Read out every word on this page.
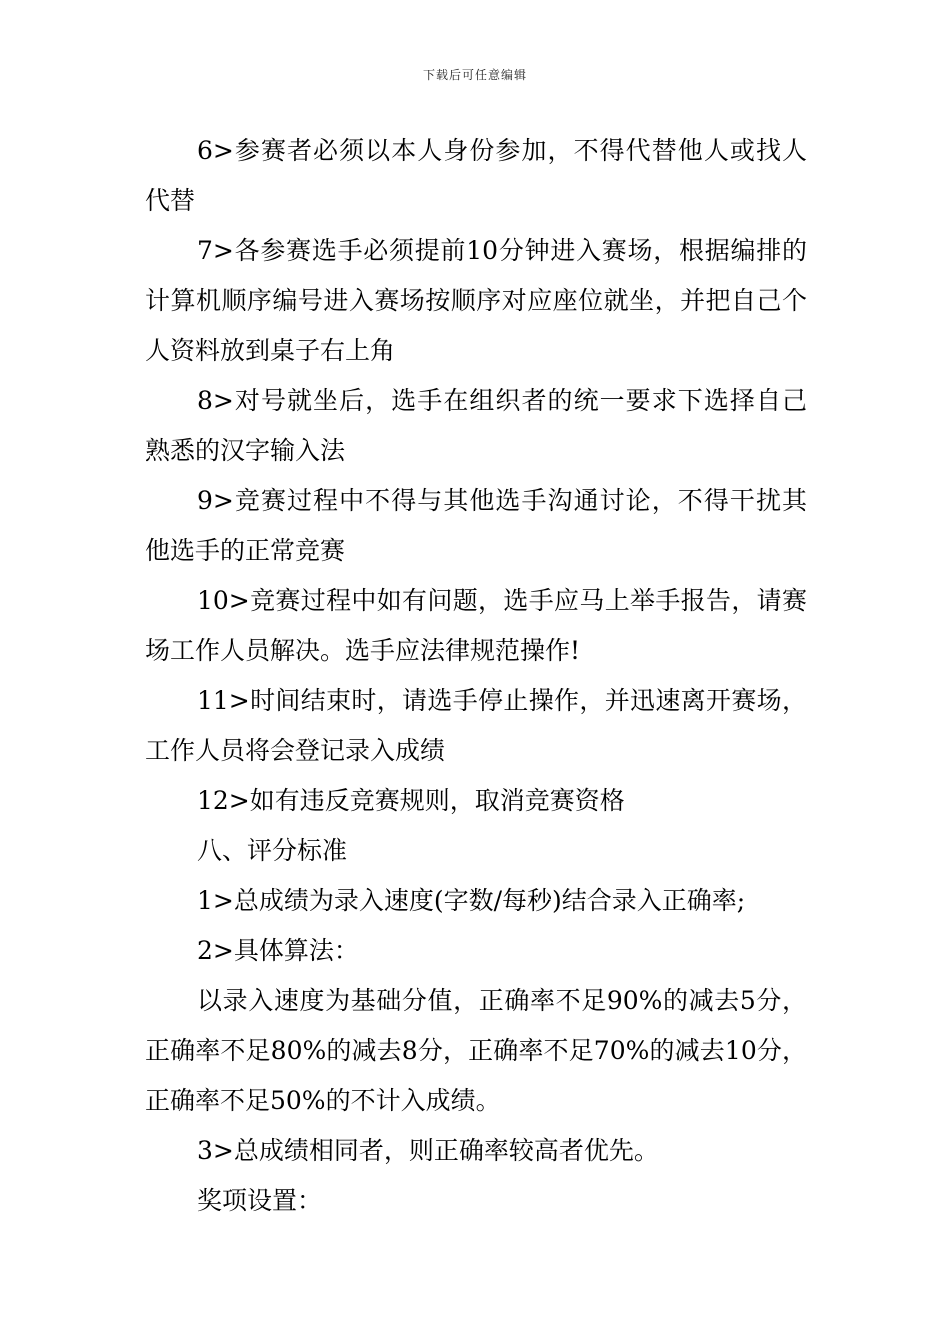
下载后可任意编辑

6>参赛者必须以本人身份参加，不得代替他人或找人代替

7>各参赛选手必须提前10分钟进入赛场，根据编排的计算机顺序编号进入赛场按顺序对应座位就坐，并把自己个人资料放到桌子右上角

8>对号就坐后，选手在组织者的统一要求下选择自己熟悉的汉字输入法

9>竞赛过程中不得与其他选手沟通讨论，不得干扰其他选手的正常竞赛

10>竞赛过程中如有问题，选手应马上举手报告，请赛场工作人员解决。选手应法律规范操作!

11>时间结束时，请选手停止操作，并迅速离开赛场，工作人员将会登记录入成绩

12>如有违反竞赛规则，取消竞赛资格

八、评分标准

1>总成绩为录入速度(字数/每秒)结合录入正确率;

2>具体算法：

以录入速度为基础分值，正确率不足90%的减去5分，正确率不足80%的减去8分，正确率不足70%的减去10分，正确率不足50%的不计入成绩。

3>总成绩相同者，则正确率较高者优先。

奖项设置：
